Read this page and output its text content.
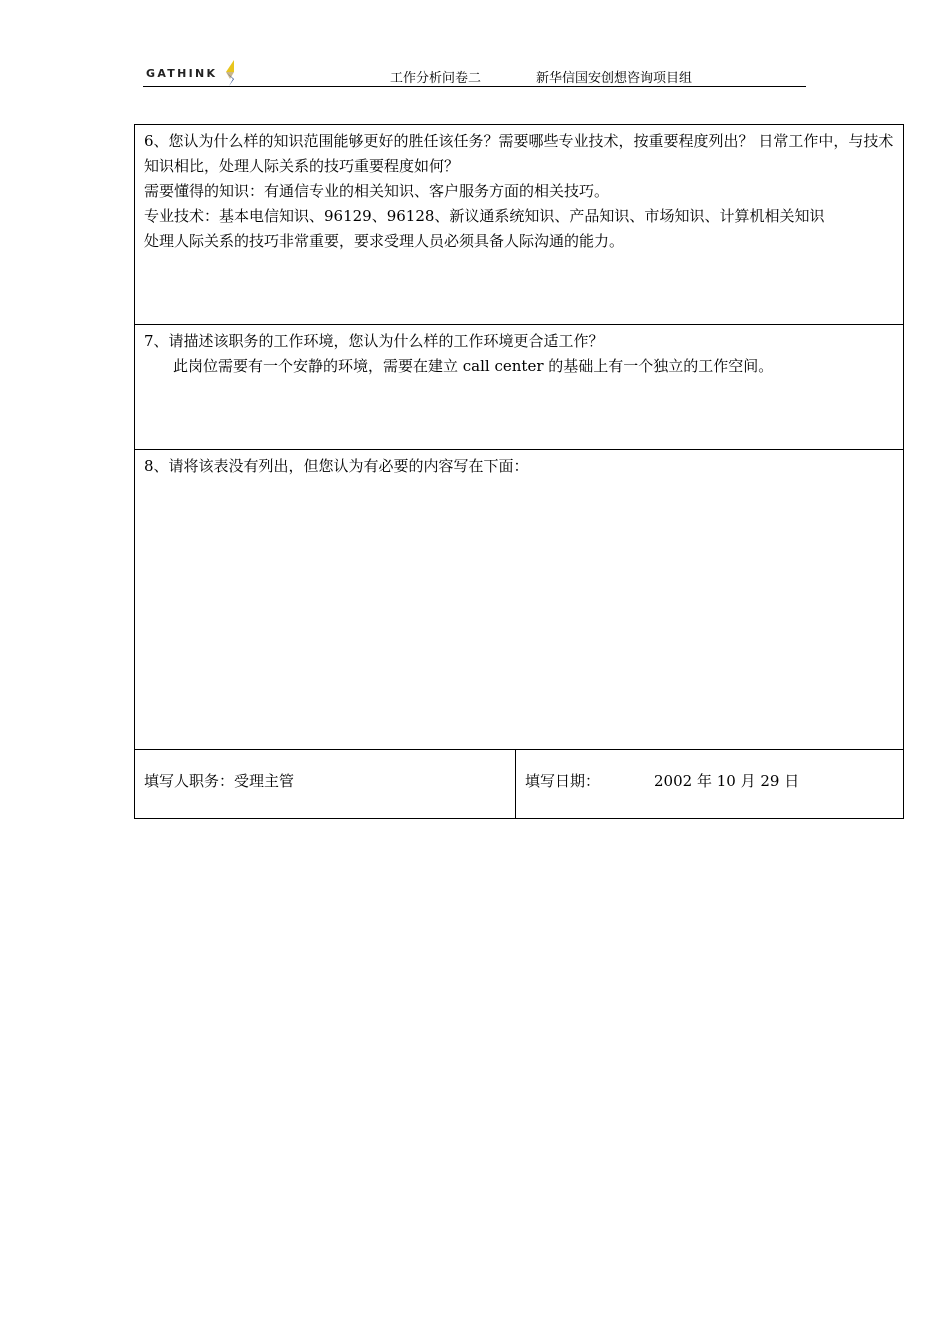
GATHINK	工作分析问卷二	新华信国安创想咨询项目组
6、您认为什么样的知识范围能够更好的胜任该任务？需要哪些专业技术，按重要程度列出？ 日常工作中，与技术知识相比，处理人际关系的技巧重要程度如何？
需要懂得的知识：有通信专业的相关知识、客户服务方面的相关技巧。
专业技术：基本电信知识、96129、96128、新议通系统知识、产品知识、市场知识、计算机相关知识
处理人际关系的技巧非常重要，要求受理人员必须具备人际沟通的能力。
7、请描述该职务的工作环境，您认为什么样的工作环境更合适工作？
此岗位需要有一个安静的环境，需要在建立 call center 的基础上有一个独立的工作空间。
8、请将该表没有列出，但您认为有必要的内容写在下面：
填写人职务：受理主管	填写日期：	2002 年 10 月 29 日
